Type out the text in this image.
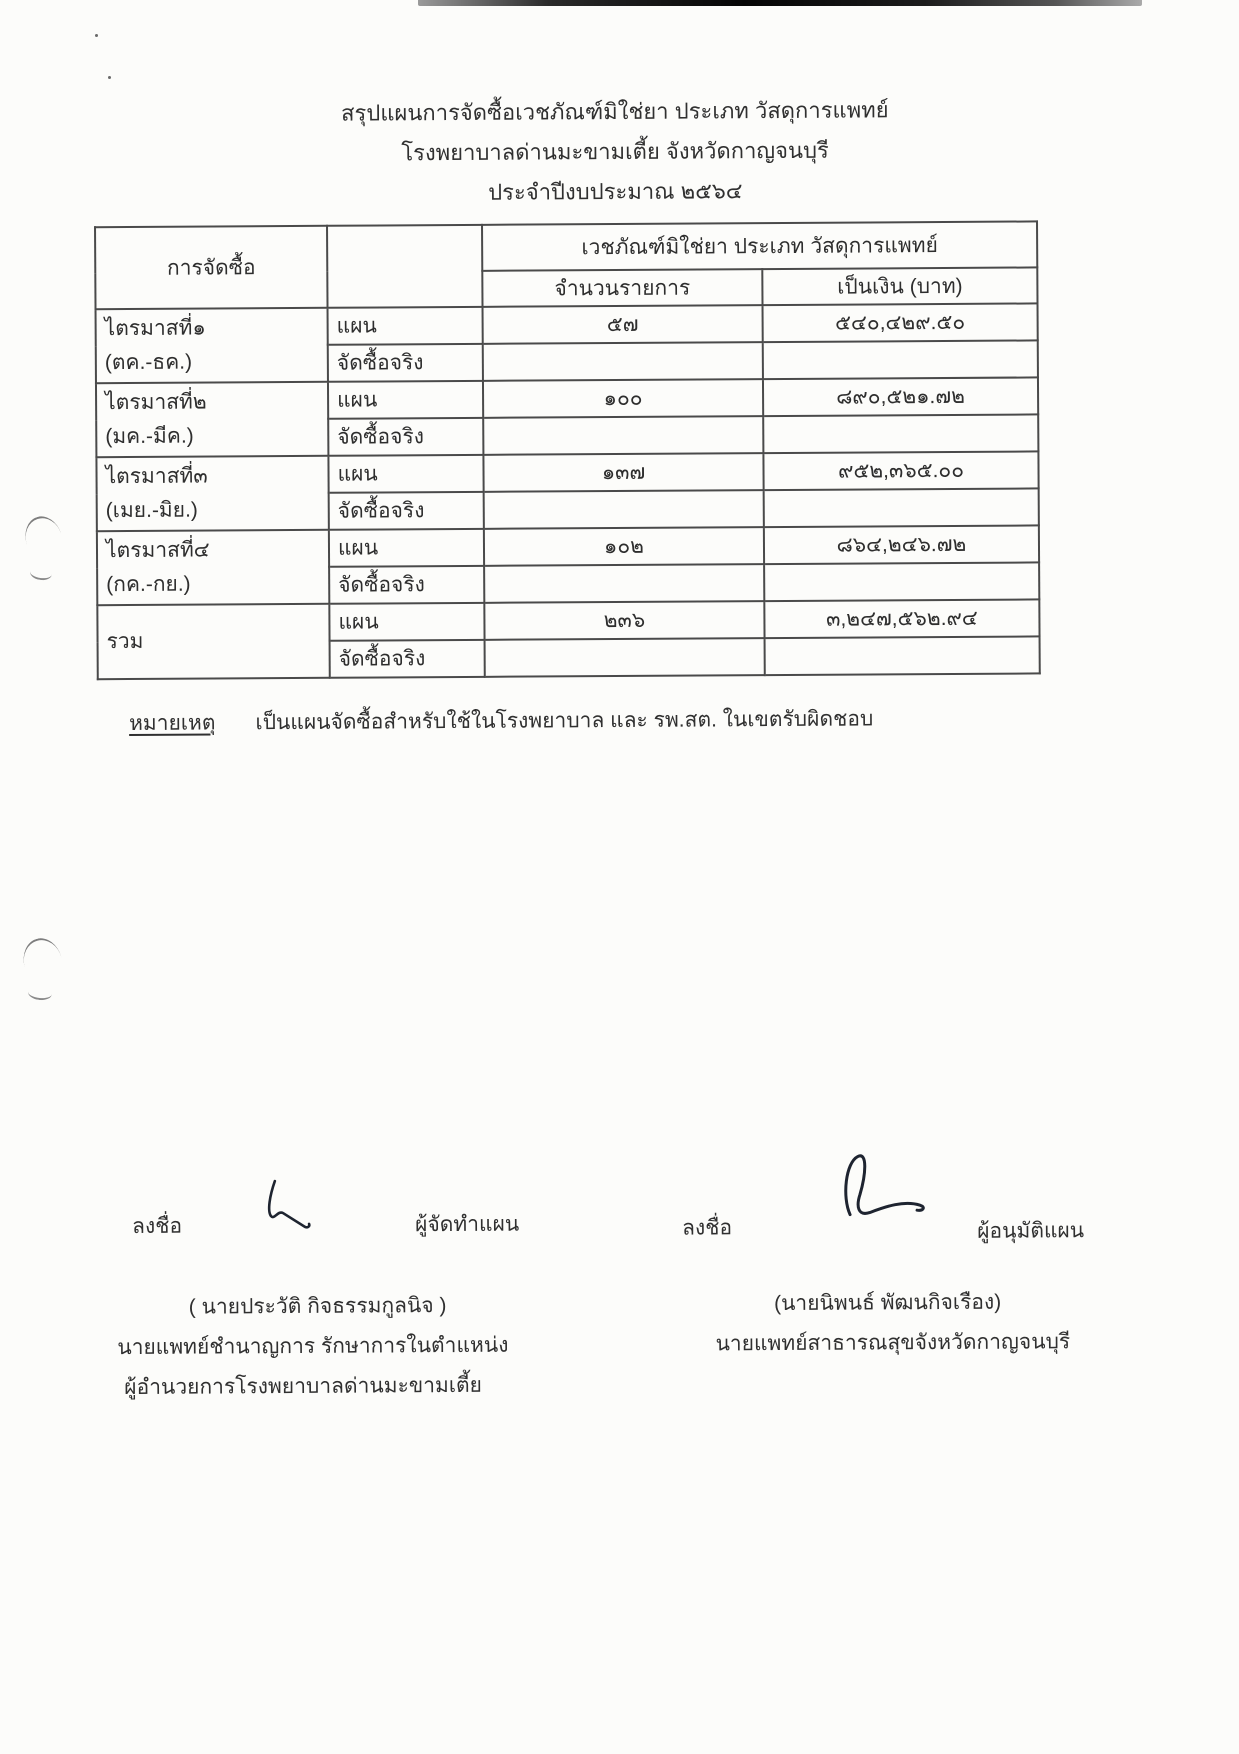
สรุปแผนการจัดซื้อเวชภัณฑ์มิใช่ยา ประเภท วัสดุการแพทย์
โรงพยาบาลด่านมะขามเตี้ย จังหวัดกาญจนบุรี
ประจำปีงบประมาณ ๒๕๖๔
การจัดซื้อ		เวชภัณฑ์มิใช่ยา ประเภท วัสดุการแพทย์	
		จำนวนรายการ	เป็นเงิน (บาท)

ไตรมาสที่๑
(ตค.-ธค.)	แผน	๕๗	๕๔๐,๔๒๙.๕๐
	จัดซื้อจริง		

ไตรมาสที่๒
(มค.-มีค.)	แผน	๑๐๐	๘๙๐,๕๒๑.๗๒
	จัดซื้อจริง		

ไตรมาสที่๓
(เมย.-มิย.)	แผน	๑๓๗	๙๕๒,๓๖๕.๐๐
	จัดซื้อจริง		

ไตรมาสที่๔
(กค.-กย.)	แผน	๑๐๒	๘๖๔,๒๔๖.๗๒
	จัดซื้อจริง		

รวม	แผน	๒๓๖	๓,๒๔๗,๕๖๒.๙๔
	จัดซื้อจริง		
หมายเหตุ เป็นแผนจัดซื้อสำหรับใช้ในโรงพยาบาล และ รพ.สต. ในเขตรับผิดชอบ
ลงชื่อ	ผู้จัดทำแผน	ลงชื่อ	ผู้อนุมัติแผน
( นายประวัติ กิจธรรมกูลนิจ )
นายแพทย์ชำนาญการ รักษาการในตำแหน่ง
ผู้อำนวยการโรงพยาบาลด่านมะขามเตี้ย
(นายนิพนธ์ พัฒนกิจเรือง)
นายแพทย์สาธารณสุขจังหวัดกาญจนบุรี
